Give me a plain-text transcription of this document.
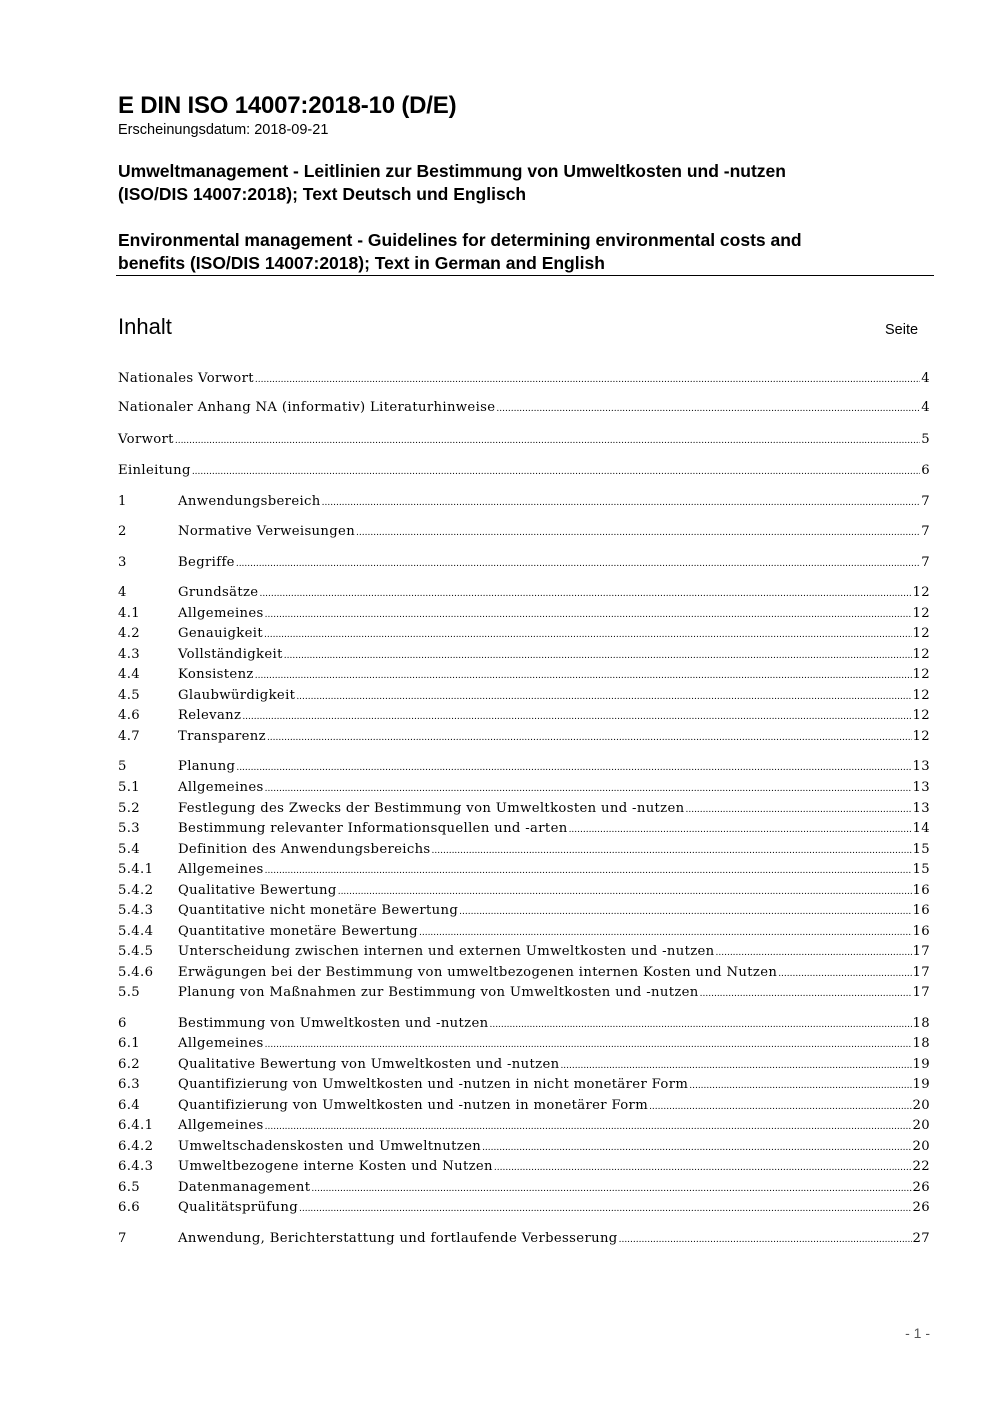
E DIN ISO 14007:2018-10 (D/E)
Erscheinungsdatum: 2018-09-21
Umweltmanagement - Leitlinien zur Bestimmung von Umweltkosten und -nutzen
(ISO/DIS 14007:2018); Text Deutsch und Englisch
Environmental management - Guidelines for determining environmental costs and
benefits (ISO/DIS 14007:2018); Text in German and English
Inhalt	Seite
Nationales Vorwort .....	4
Nationaler Anhang NA (informativ) Literaturhinweise .....	4
Vorwort .....	5
Einleitung .....	6
1	Anwendungsbereich .....	7
2	Normative Verweisungen .....	7
3	Begriffe .....	7
4	Grundsätze .....	12
4.1	Allgemeines .....	12
4.2	Genauigkeit .....	12
4.3	Vollständigkeit .....	12
4.4	Konsistenz .....	12
4.5	Glaubwürdigkeit .....	12
4.6	Relevanz .....	12
4.7	Transparenz .....	12
5	Planung .....	13
5.1	Allgemeines .....	13
5.2	Festlegung des Zwecks der Bestimmung von Umweltkosten und -nutzen .....	13
5.3	Bestimmung relevanter Informationsquellen und -arten .....	14
5.4	Definition des Anwendungsbereichs .....	15
5.4.1	Allgemeines .....	15
5.4.2	Qualitative Bewertung .....	16
5.4.3	Quantitative nicht monetäre Bewertung .....	16
5.4.4	Quantitative monetäre Bewertung .....	16
5.4.5	Unterscheidung zwischen internen und externen Umweltkosten und -nutzen .....	17
5.4.6	Erwägungen bei der Bestimmung von umweltbezogenen internen Kosten und Nutzen .....	17
5.5	Planung von Maßnahmen zur Bestimmung von Umweltkosten und -nutzen .....	17
6	Bestimmung von Umweltkosten und -nutzen .....	18
6.1	Allgemeines .....	18
6.2	Qualitative Bewertung von Umweltkosten und -nutzen .....	19
6.3	Quantifizierung von Umweltkosten und -nutzen in nicht monetärer Form .....	19
6.4	Quantifizierung von Umweltkosten und -nutzen in monetärer Form .....	20
6.4.1	Allgemeines .....	20
6.4.2	Umweltschadenskosten und Umweltnutzen .....	20
6.4.3	Umweltbezogene interne Kosten und Nutzen .....	22
6.5	Datenmanagement .....	26
6.6	Qualitätsprüfung .....	26
7	Anwendung, Berichterstattung und fortlaufende Verbesserung .....	27
- 1 -
